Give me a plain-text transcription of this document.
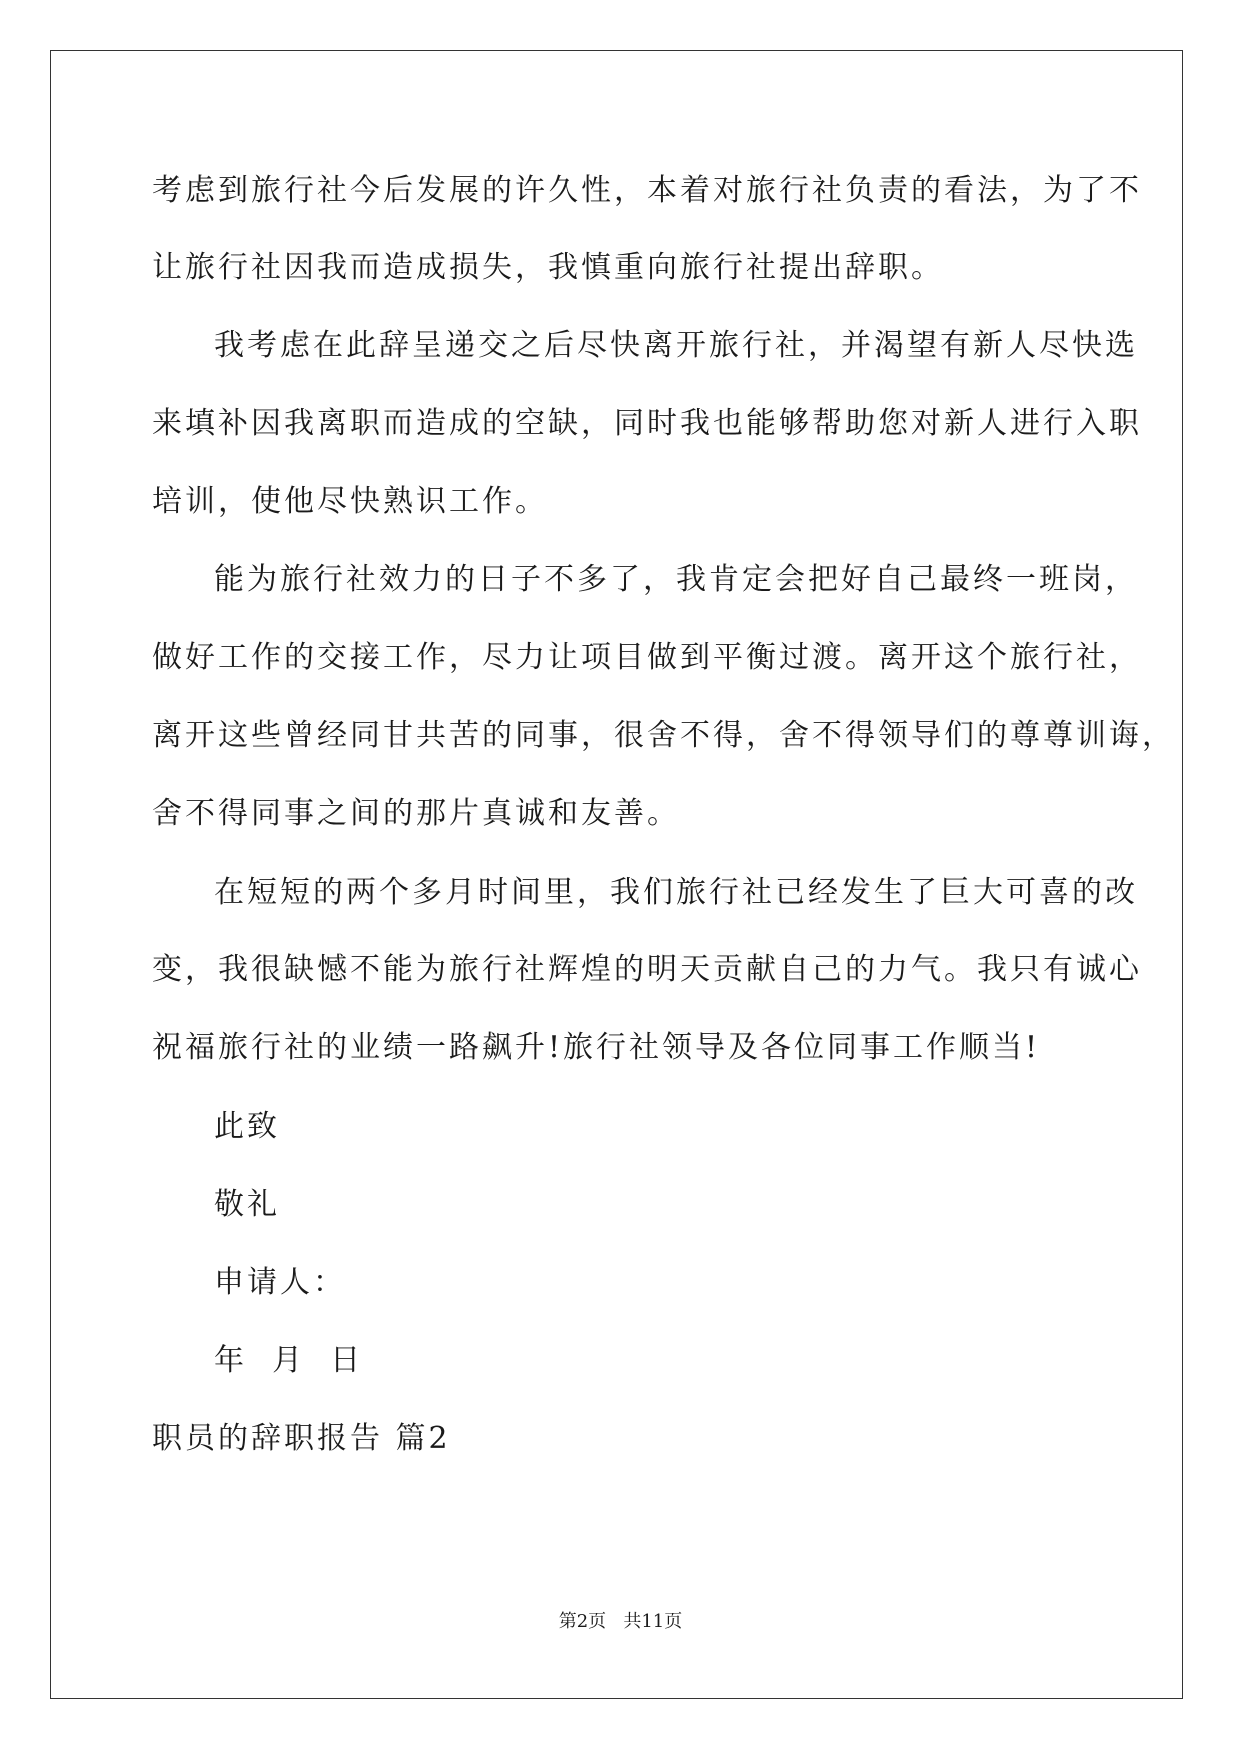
考虑到旅行社今后发展的许久性，本着对旅行社负责的看法，为了不
让旅行社因我而造成损失，我慎重向旅行社提出辞职。
我考虑在此辞呈递交之后尽快离开旅行社，并渴望有新人尽快选
来填补因我离职而造成的空缺，同时我也能够帮助您对新人进行入职
培训，使他尽快熟识工作。
能为旅行社效力的日子不多了，我肯定会把好自己最终一班岗，
做好工作的交接工作，尽力让项目做到平衡过渡。离开这个旅行社，
离开这些曾经同甘共苦的同事，很舍不得，舍不得领导们的尊尊训诲，
舍不得同事之间的那片真诚和友善。
在短短的两个多月时间里，我们旅行社已经发生了巨大可喜的改
变，我很缺憾不能为旅行社辉煌的明天贡献自己的力气。我只有诚心
祝福旅行社的业绩一路飙升!旅行社领导及各位同事工作顺当!
此致
敬礼
申请人：
年  月  日
职员的辞职报告 篇2
第2页   共11页
